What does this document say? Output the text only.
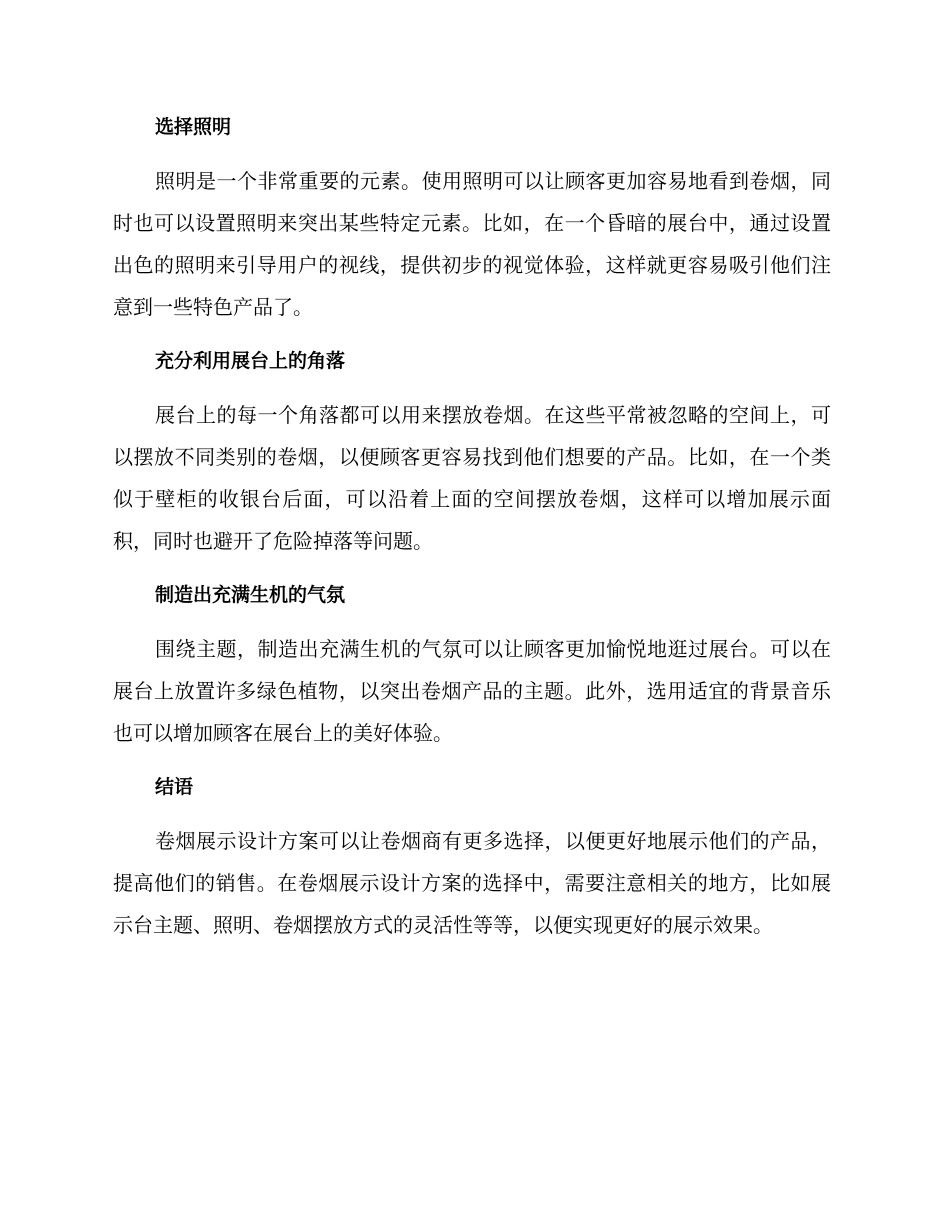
选择照明

照明是一个非常重要的元素。使用照明可以让顾客更加容易地看到卷烟，同时也可以设置照明来突出某些特定元素。比如，在一个昏暗的展台中，通过设置出色的照明来引导用户的视线，提供初步的视觉体验，这样就更容易吸引他们注意到一些特色产品了。

充分利用展台上的角落

展台上的每一个角落都可以用来摆放卷烟。在这些平常被忽略的空间上，可以摆放不同类别的卷烟，以便顾客更容易找到他们想要的产品。比如，在一个类似于壁柜的收银台后面，可以沿着上面的空间摆放卷烟，这样可以增加展示面积，同时也避开了危险掉落等问题。

制造出充满生机的气氛

围绕主题，制造出充满生机的气氛可以让顾客更加愉悦地逛过展台。可以在展台上放置许多绿色植物，以突出卷烟产品的主题。此外，选用适宜的背景音乐也可以增加顾客在展台上的美好体验。

结语

卷烟展示设计方案可以让卷烟商有更多选择，以便更好地展示他们的产品，提高他们的销售。在卷烟展示设计方案的选择中，需要注意相关的地方，比如展示台主题、照明、卷烟摆放方式的灵活性等等，以便实现更好的展示效果。
